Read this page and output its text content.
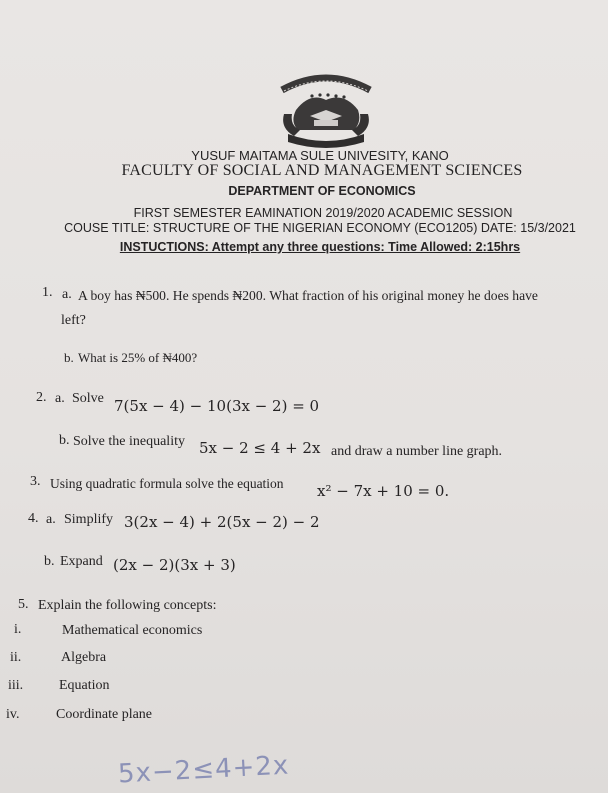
YUSUF MAITAMA SULE UNIVESITY, KANO
FACULTY OF SOCIAL AND MANAGEMENT SCIENCES
DEPARTMENT OF ECONOMICS
FIRST SEMESTER EAMINATION 2019/2020 ACADEMIC SESSION
COUSE TITLE: STRUCTURE OF THE NIGERIAN ECONOMY (ECO1205) DATE: 15/3/2021
INSTUCTIONS: Attempt any three questions: Time Allowed: 2:15hrs
1. a. A boy has ₦500. He spends ₦200. What fraction of his original money he does have
left?
b. What is 25% of ₦400?
2. a. Solve 7(5x − 4) − 10(3x − 2) = 0
b. Solve the inequality 5x − 2 ≤ 4 + 2x and draw a number line graph.
3. Using quadratic formula solve the equation x² − 7x + 10 = 0.
4. a. Simplify 3(2x − 4) + 2(5x − 2) − 2
b. Expand (2x − 2)(3x + 3)
5. Explain the following concepts:
i.	Mathematical economics
ii.	Algebra
iii.	Equation
iv.	Coordinate plane
5x−2≤4+2x
